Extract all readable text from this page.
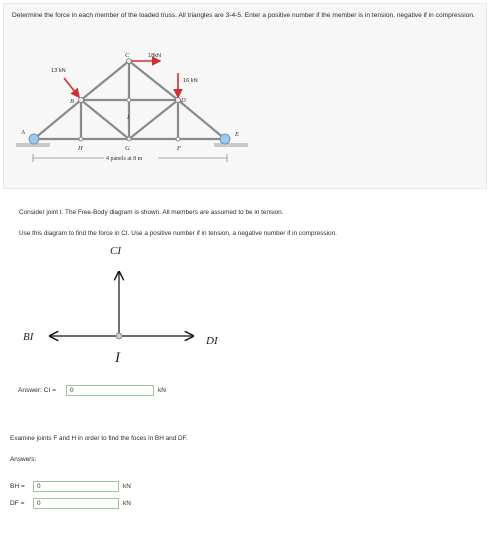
Determine the force in each member of the loaded truss. All triangles are 3-4-5. Enter a positive number if the member is in tension, negative if in compression.
A
B
C
D
E
F
G
H
I
13 kN
18kN
16 kN
4 panels at 8 m
Consider joint I. The Free-Body diagram is shown. All members are assumed to be in tension.
Use this diagram to find the force in CI. Use a positive number if in tension, a negative number if in compression.
CI
BI	DI
I
Answer: CI =	0	kN
Examine joints F and H in order to find the foces in BH and DF.
Answers:
BH =	0	kN
DF =	0	kN
